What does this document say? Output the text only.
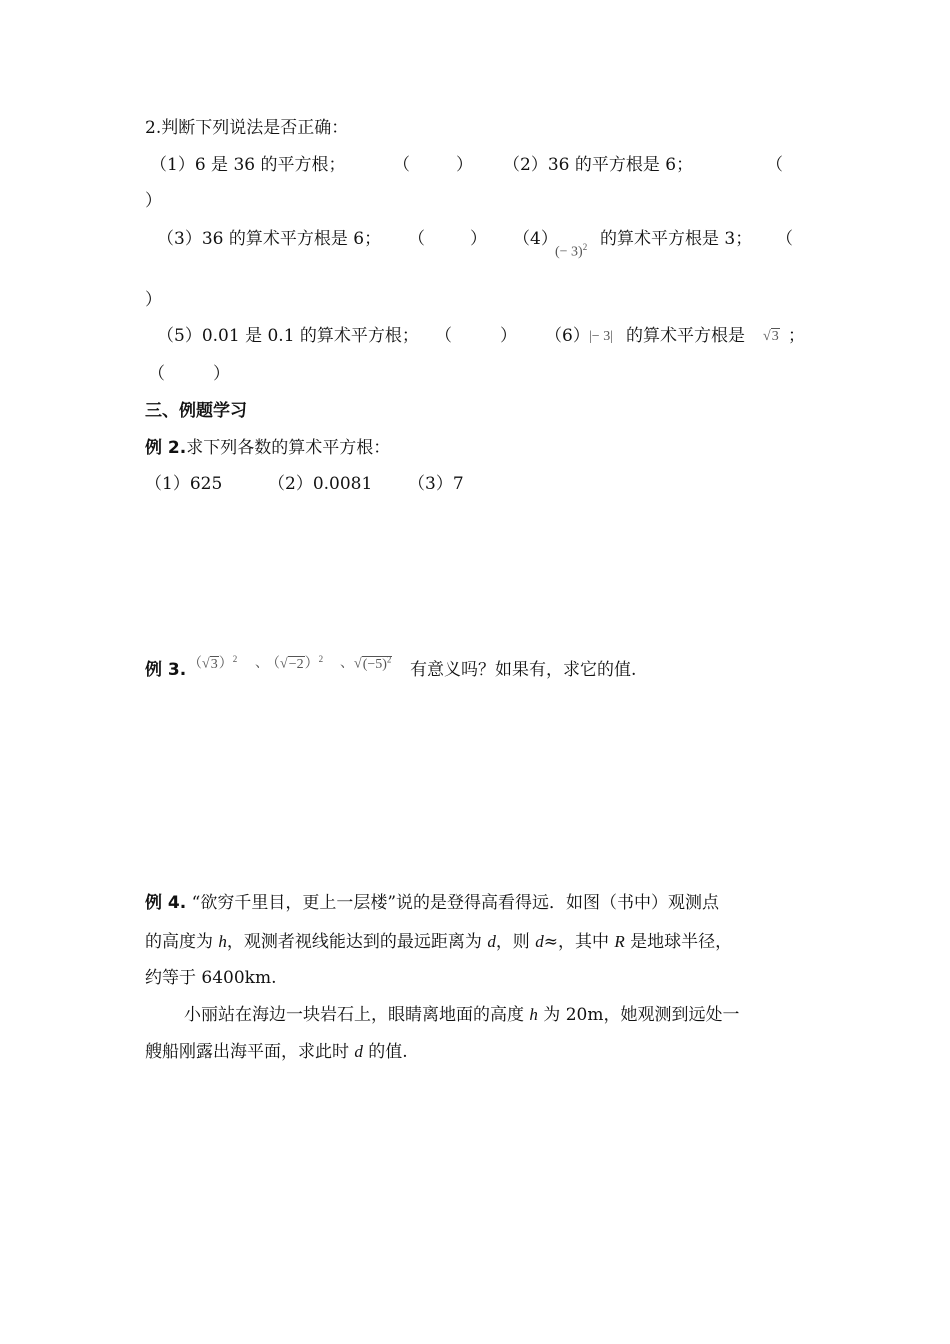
2.判断下列说法是否正确：
（1）6 是 36 的平方根；	（	） （2）36 的平方根是 6；	（
）
（3）36 的算术平方根是 6； （	） （4）
(− 3)$^2$ 的算术平方根是 3； （
）
（5）0.01 是 0.1 的算术平方根； （	） （6） |− 3| 的算术平方根是 √3 ；
（	）
三、例题学习
例 2.求下列各数的算术平方根：
（1）625	（2）0.0081 （3）7
例 3. $(√3)^2$ 、
$(√-2)^2$ 、 $√(-5)^2$
有意义吗？如果有，求它的值.
例 4. “欲穷千里目，更上一层楼”说的是登得高看得远．如图（书中）观测点
的高度为 h，观测者视线能达到的最远距离为 d，则 d≈，其中 R 是地球半径，
约等于 6400km.
小丽站在海边一块岩石上，眼睛离地面的高度 h 为 20m，她观测到远处一
艘船刚露出海平面，求此时 d 的值.
